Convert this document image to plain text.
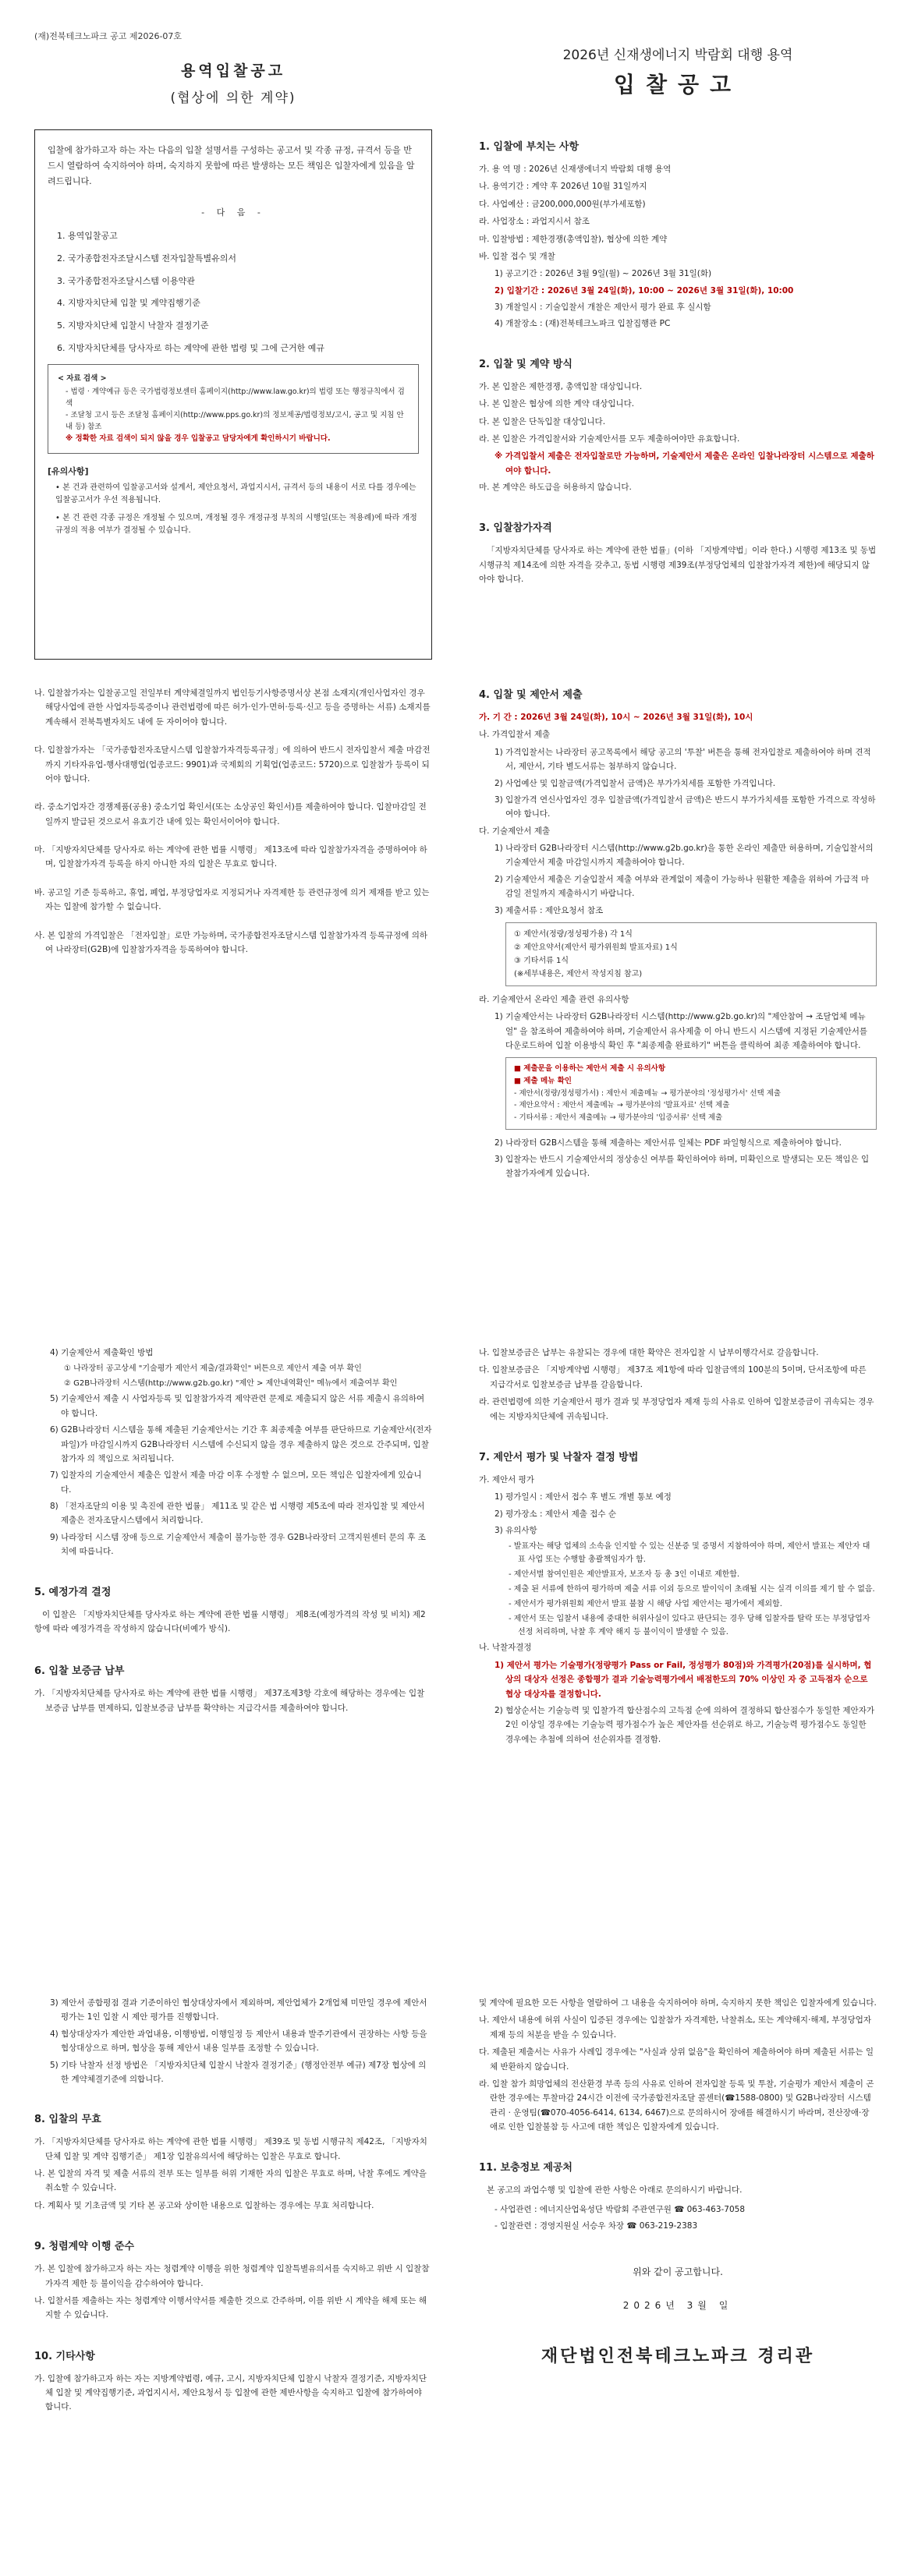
(재)전북테크노파크 공고 제2026-07호
용역입찰공고
(협상에 의한 계약)

입찰에 참가하고자 하는 자는 다음의 입찰 설명서를 구성하는 공고서 및 각종 규정, 규격서 등을 반드시 열람하여 숙지하여야 하며, 숙지하지 못함에 따른 발생하는 모든 책임은 입찰자에게 있음을 알려드립니다.

- 다 음 -
1. 용역입찰공고
2. 국가종합전자조달시스템 전자입찰특별유의서
3. 국가종합전자조달시스템 이용약관
4. 지방자치단체 입찰 및 계약집행기준
5. 지방자치단체 입찰시 낙찰자 결정기준
6. 지방자치단체를 당사자로 하는 계약에 관한 법령 및 그에 근거한 예규
< 자료 검색 >
- 법령 · 계약예규 등은 국가법령정보센터 홈페이지(http://www.law.go.kr)의 법령 또는 행정규칙에서 검색
- 조달청 고시 등은 조달청 홈페이지(http://www.pps.go.kr)의 정보제공/법령정보/고시, 공고 및 지침 안내 등) 참조
※ 정확한 자료 검색이 되지 않을 경우 입찰공고 담당자에게 확인하시기 바랍니다.
[유의사항]
• 본 건과 관련하여 입찰공고서와 설계서, 제안요청서, 과업지시서, 규격서 등의 내용이 서로 다를 경우에는 입찰공고서가 우선 적용됩니다.
• 본 건 관련 각종 규정은 개정될 수 있으며, 개정될 경우 개정규정 부칙의 시행일(또는 적용례)에 따라 개정 규정의 적용 여부가 결정될 수 있습니다.
2026년 신재생에너지 박람회 대행 용역
입찰공고
1. 입찰에 부치는 사항
가. 용 역 명 : 2026년 신재생에너지 박람회 대행 용역
나. 용역기간 : 계약 후 2026년 10월 31일까지
다. 사업예산 : 금200,000,000원(부가세포함)
라. 사업장소 : 과업지시서 참조
마. 입찰방법 : 제한경쟁(총액입찰), 협상에 의한 계약
바. 입찰 접수 및 개찰
1) 공고기간 : 2026년 3월 9일(월) ~ 2026년 3월 31일(화)
2) 입찰기간 : 2026년 3월 24일(화), 10:00 ~ 2026년 3월 31일(화), 10:00
3) 개찰일시 : 기술입찰서 개찰은 제안서 평가 완료 후 실시함
4) 개찰장소 : (재)전북테크노파크 입찰집행관 PC
2. 입찰 및 계약 방식
가. 본 입찰은 제한경쟁, 총액입찰 대상입니다.
나. 본 입찰은 협상에 의한 계약 대상입니다.
다. 본 입찰은 단독입찰 대상입니다.
라. 본 입찰은 가격입찰서와 기술제안서를 모두 제출하여야만 유효합니다.
※ 가격입찰서 제출은 전자입찰로만 가능하며, 기술제안서 제출은 온라인 입찰나라장터 시스템으로 제출하여야 합니다.
마. 본 계약은 하도급을 허용하지 않습니다.
3. 입찰참가자격

「지방자치단체를 당사자로 하는 계약에 관한 법률」(이하 「지방계약법」이라 한다.) 시행령 제13조 및 동법 시행규칙 제14조에 의한 자격을 갖추고, 동법 시행령 제39조(부정당업체의 입찰참가자격 제한)에 해당되지 않아야 합니다.

나. 입찰참가자는 입찰공고일 전일부터 계약체결일까지 법인등기사항증명서상 본점 소재지(개인사업자인 경우 해당사업에 관한 사업자등록증이나 관련법령에 따른 허가·인가·면허·등록·신고 등을 증명하는 서류) 소재지를 계속해서 전북특별자치도 내에 둔 자이어야 합니다.
다. 입찰참가자는 「국가종합전자조달시스템 입찰참가자격등록규정」에 의하여 반드시 전자입찰서 제출 마감전까지 기타자유업-행사대행업(업종코드: 9901)과 국제회의 기획업(업종코드: 5720)으로 입찰참가 등록이 되어야 합니다.
라. 중소기업자간 경쟁제품(공용) 중소기업 확인서(또는 소상공인 확인서)를 제출하여야 합니다. 입찰마감일 전일까지 발급된 것으로서 유효기간 내에 있는 확인서이어야 합니다.
마. 「지방자치단체를 당사자로 하는 계약에 관한 법률 시행령」 제13조에 따라 입찰참가자격을 증명하여야 하며, 입찰참가자격 등록을 하지 아니한 자의 입찰은 무효로 합니다.
바. 공고일 기준 등록하고, 휴업, 폐업, 부정당업자로 지정되거나 자격제한 등 관련규정에 의거 제재를 받고 있는 자는 입찰에 참가할 수 없습니다.
사. 본 입찰의 가격입찰은 「전자입찰」로만 가능하며, 국가종합전자조달시스템 입찰참가자격 등록규정에 의하여 나라장터(G2B)에 입찰참가자격을 등록하여야 합니다.
4. 입찰 및 제안서 제출
가. 기 간 : 2026년 3월 24일(화), 10시 ~ 2026년 3월 31일(화), 10시
나. 가격입찰서 제출
1) 가격입찰서는 나라장터 공고목록에서 해당 공고의 '투찰' 버튼을 통해 전자입찰로 제출하여야 하며 견적서, 제안서, 기타 별도서류는 첨부하지 않습니다.
2) 사업예산 및 입찰금액(가격입찰서 금액)은 부가가치세를 포함한 가격입니다.
3) 입찰가격 연신사업자인 경우 입찰금액(가격입찰서 금액)은 반드시 부가가치세를 포함한 가격으로 작성하여야 합니다.
다. 기술제안서 제출
1) 나라장터 G2B나라장터 시스템(http://www.g2b.go.kr)을 통한 온라인 제출만 허용하며, 기술입찰서의 기술제안서 제출 마감일시까지 제출하여야 합니다.
2) 기술제안서 제출은 기술입찰서 제출 여부와 관계없이 제출이 가능하나 원활한 제출을 위하여 가급적 마감일 전일까지 제출하시기 바랍니다.
3) 제출서류 : 제안요청서 참조
① 제안서(정량/정성평가용) 각 1식
② 제안요약서(제안서 평가위원회 발표자료) 1식
③ 기타서류 1식
(※세부내용은, 제안서 작성지침 참고)
라. 기술제안서 온라인 제출 관련 유의사항
1) 기술제안서는 나라장터 G2B나라장터 시스템(http://www.g2b.go.kr)의 "제안참여 → 조달업체 메뉴얼" 을 참조하여 제출하여야 하며, 기술제안서 유사제출 이 아니 반드시 시스템에 지정된 기술제안서를 다운로드하여 입찰 이용방식 확인 후 "최종제출 완료하기" 버튼을 클릭하여 최종 제출하여야 합니다.
■ 제출문을 이용하는 제안서 제출 시 유의사항
■ 제출 메뉴 확인
- 제안서(정량/정성평가서) : 제안서 제출메뉴 → 평가분야의 '정성평가서' 선택 제출
- 제안요약서 : 제안서 제출메뉴 → 평가분야의 '발표자료' 선택 제출
- 기타서류 : 제안서 제출메뉴 → 평가분야의 '입증서류' 선택 제출
2) 나라장터 G2B시스템을 통해 제출하는 제안서류 일체는 PDF 파일형식으로 제출하여야 합니다.
3) 입찰자는 반드시 기술제안서의 정상송신 여부를 확인하여야 하며, 미확인으로 발생되는 모든 책임은 입찰참가자에게 있습니다.
4) 기술제안서 제출확인 방법
① 나라장터 공고상세 "기술평가 제안서 제출/결과확인" 버튼으로 제안서 제출 여부 확인
② G2B나라장터 시스템(http://www.g2b.go.kr) "제안 > 제안내역확인" 메뉴에서 제출여부 확인
5) 기술제안서 제출 시 사업자등록 및 입찰참가자격 제약관련 문제로 제출되지 않은 서류 제출시 유의하여야 합니다.
6) G2B나라장터 시스템을 통해 제출된 기술제안서는 기간 후 최종제출 여부를 판단하므로 기술제안서(전자파일)가 마감일시까지 G2B나라장터 시스템에 수신되지 않을 경우 제출하지 않은 것으로 간주되며, 입찰참가자 의 책임으로 처리됩니다.
7) 입찰자의 기술제안서 제출은 입찰서 제출 마감 이후 수정할 수 없으며, 모든 책임은 입찰자에게 있습니다.
8) 「전자조달의 이용 및 촉진에 관한 법률」 제11조 및 같은 법 시행령 제5조에 따라 전자입찰 및 제안서 제출은 전자조달시스템에서 처리합니다.
9) 나라장터 시스템 장애 등으로 기술제안서 제출이 불가능한 경우 G2B나라장터 고객지원센터 문의 후 조치에 따릅니다.
5. 예정가격 결정

이 입찰은 「지방자치단체를 당사자로 하는 계약에 관한 법률 시행령」 제8조(예정가격의 작성 및 비치) 제2항에 따라 예정가격을 작성하지 않습니다(비예가 방식).

6. 입찰 보증금 납부
가. 「지방자치단체를 당사자로 하는 계약에 관한 법률 시행령」 제37조제3항 각호에 해당하는 경우에는 입찰보증금 납부를 면제하되, 입찰보증금 납부를 확약하는 지급각서를 제출하여야 합니다.
나. 입찰보증금은 납부는 유찰되는 경우에 대한 확약은 전자입찰 시 납부이행각서로 갈음합니다.
다. 입찰보증금은 「지방계약법 시행령」 제37조 제1항에 따라 입찰금액의 100분의 5이며, 단서조항에 따른 지급각서로 입찰보증금 납부를 갈음합니다.
라. 관련법령에 의한 기술제안서 평가 결과 및 부정당업자 제재 등의 사유로 인하여 입찰보증금이 귀속되는 경우에는 지방자치단체에 귀속됩니다.
7. 제안서 평가 및 낙찰자 결정 방법
가. 제안서 평가
1) 평가일시 : 제안서 접수 후 별도 개별 통보 예정
2) 평가장소 : 제안서 제출 접수 순
3) 유의사항
- 발표자는 해당 업체의 소속을 인지할 수 있는 신분증 및 증명서 지참하여야 하며, 제안서 발표는 제안자 대표 사업 또는 수행할 총괄책임자가 함.
- 제안서별 참여인원은 제안발표자, 보조자 등 총 3인 이내로 제한함.
- 제출 된 서류에 한하여 평가하며 제출 서류 이외 등으로 발이익이 초래될 시는 실격 이의를 제기 할 수 없음.
- 제안서가 평가위원회 제안서 발표 불참 시 해당 사업 제안서는 평가에서 제외함.
- 제안서 또는 입찰서 내용에 중대한 허위사실이 있다고 판단되는 경우 당해 입찰자를 탈락 또는 부정당업자 선정 처리하며, 낙찰 후 계약 해지 등 불이익이 발생할 수 있음.
나. 낙찰자결정
1) 제안서 평가는 기술평가(정량평가 Pass or Fail, 정성평가 80점)와 가격평가(20점)를 실시하며, 협상의 대상자 선정은 종합평가 결과 기술능력평가에서 배점한도의 70% 이상인 자 중 고득점자 순으로 협상 대상자를 결정합니다.
2) 협상순서는 기술능력 및 입찰가격 합산점수의 고득점 순에 의하여 결정하되 합산점수가 동일한 제안자가 2인 이상일 경우에는 기술능력 평가점수가 높은 제안자를 선순위로 하고, 기술능력 평가점수도 동일한 경우에는 추첨에 의하여 선순위자를 결정함.
3) 제안서 종합평점 결과 기준이하인 협상대상자에서 제외하며, 제안업체가 2개업체 미만일 경우에 제안서 평가는 1인 입찰 시 제안 평가를 진행합니다.
4) 협상대상자가 제안한 과업내용, 이행방법, 이행일정 등 제안서 내용과 발주기관에서 권장하는 사항 등을 협상대상으로 하며, 협상을 통해 제안서 내용 일부를 조정할 수 있습니다.
5) 기타 낙찰자 선정 방법은 「지방자치단체 입찰시 낙찰자 결정기준」(행정안전부 예규) 제7장 협상에 의한 계약체결기준에 의합니다.
8. 입찰의 무효
가. 「지방자치단체를 당사자로 하는 계약에 관한 법률 시행령」 제39조 및 동법 시행규칙 제42조, 「지방자치단체 입찰 및 계약 집행기준」 제1장 입찰유의서에 해당하는 입찰은 무효로 합니다.
나. 본 입찰의 자격 및 제출 서류의 전부 또는 일부를 허위 기재한 자의 입찰은 무효로 하며, 낙찰 후에도 계약을 취소할 수 있습니다.
다. 계획사 및 기초금액 및 기타 본 공고와 상이한 내용으로 입찰하는 경우에는 무효 처리합니다.
9. 청렴계약 이행 준수
가. 본 입찰에 참가하고자 하는 자는 청렴계약 이행을 위한 청렴계약 입찰특별유의서를 숙지하고 위반 시 입찰참가자격 제한 등 불이익을 감수하여야 합니다.
나. 입찰서를 제출하는 자는 청렴계약 이행서약서를 제출한 것으로 간주하며, 이를 위반 시 계약을 해제 또는 해지할 수 있습니다.
10. 기타사항
가. 입찰에 참가하고자 하는 자는 지방계약법령, 예규, 고시, 지방자치단체 입찰시 낙찰자 결정기준, 지방자치단체 입찰 및 계약집행기준, 과업지시서, 제안요청서 등 입찰에 관한 제반사항을 숙지하고 입찰에 참가하여야 합니다.
및 계약에 필요한 모든 사항을 열람하여 그 내용을 숙지하여야 하며, 숙지하지 못한 책임은 입찰자에게 있습니다.
나. 제안서 내용에 허위 사실이 입증된 경우에는 입찰참가 자격제한, 낙찰취소, 또는 계약해지·해제, 부정당업자제재 등의 처분을 받을 수 있습니다.
다. 제출된 제출서는 사유가 사례입 경우에는 "사실과 상위 없음"을 확인하여 제출하여야 하며 제출된 서류는 일체 반환하지 않습니다.
라. 입찰 참가 희망업체의 전산환경 부족 등의 사유로 인하여 전자입찰 등록 및 투찰, 기술평가 제안서 제출이 곤란한 경우에는 투찰마감 24시간 이전에 국가종합전자조달 콜센터(☎1588-0800) 및 G2B나라장터 시스템 관리 · 운영팀(☎070-4056-6414, 6134, 6467)으로 문의하시어 장애를 해결하시기 바라며, 전산장애·장애로 인한 입찰불참 등 사고에 대한 책임은 입찰자에게 있습니다.
11. 보충정보 제공처

본 공고의 과업수행 및 입찰에 관한 사항은 아래로 문의하시기 바랍니다.

- 사업관련 : 에너지산업육성단 박람회 주관연구원 ☎ 063-463-7058
- 입찰관련 : 경영지원실 서승우 차장 ☎ 063-219-2383
위와 같이 공고합니다.
2026년 3월 일
재단법인전북테크노파크 경리관
